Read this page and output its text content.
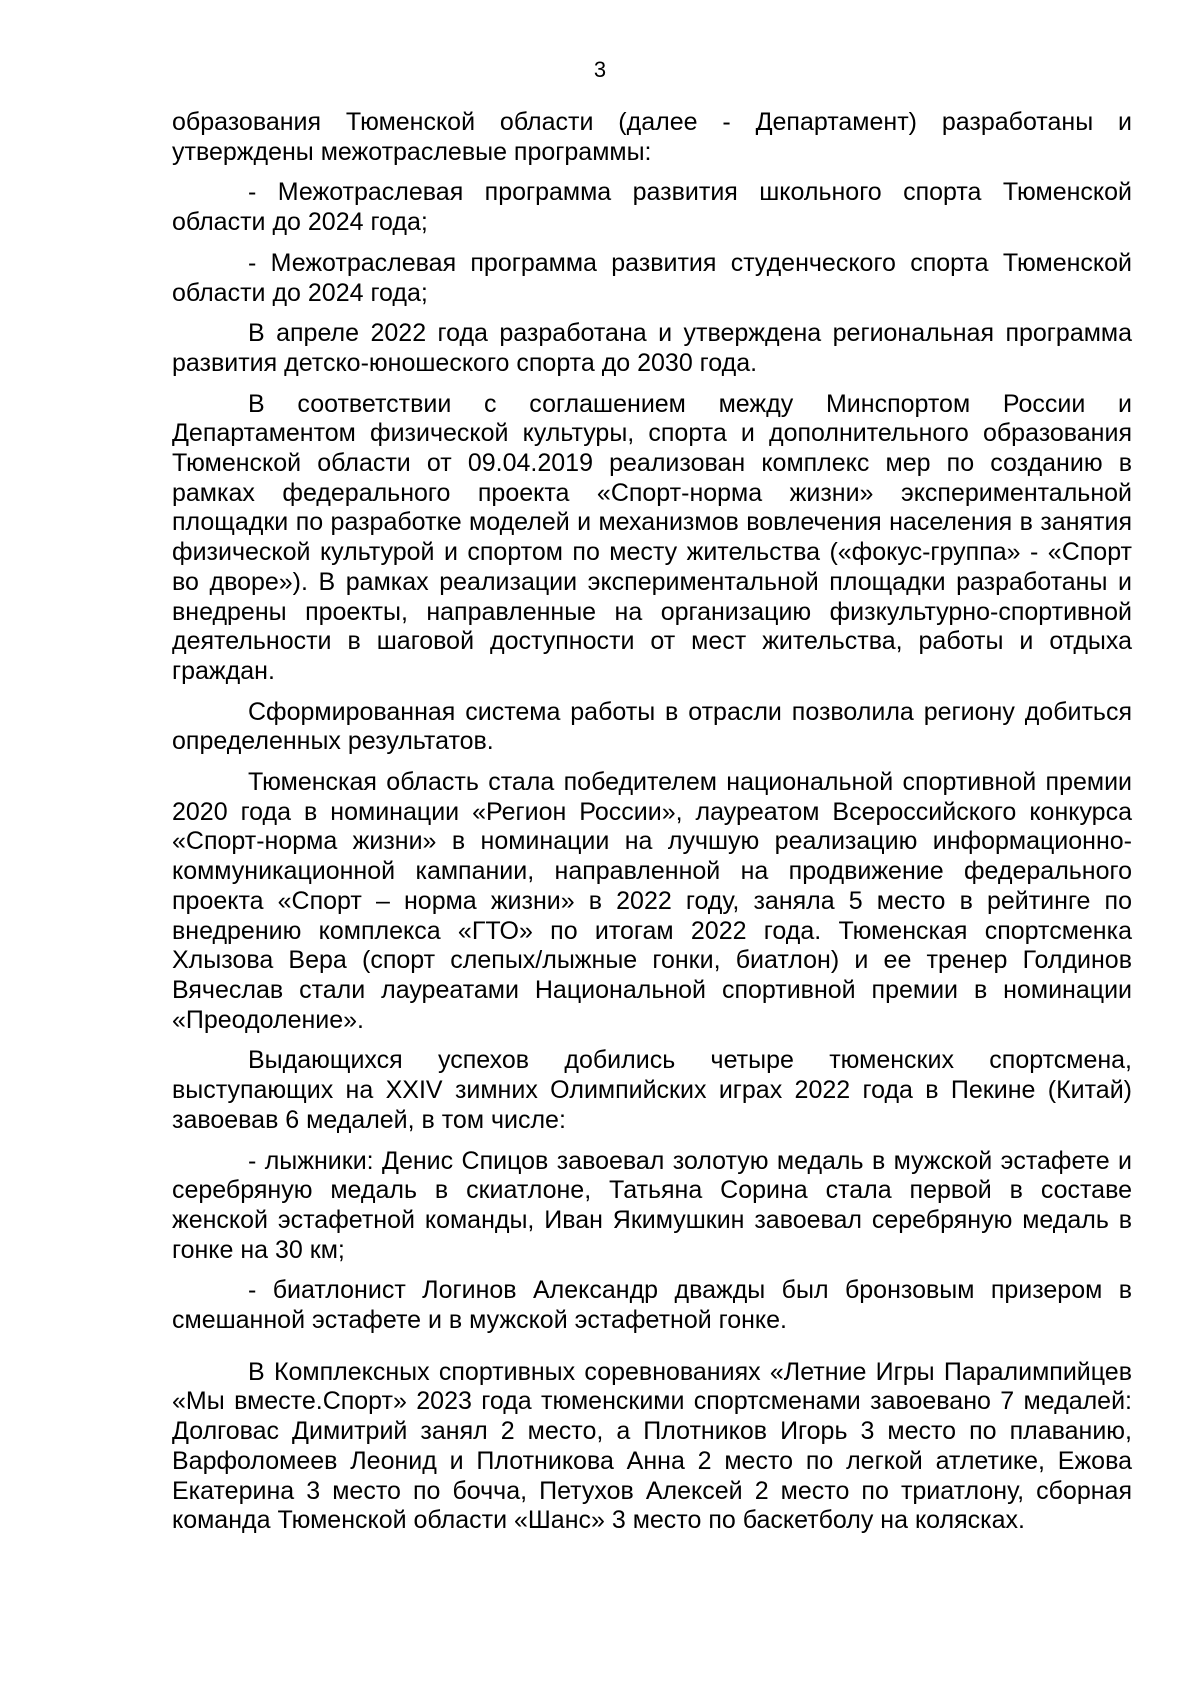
3

образования Тюменской области (далее - Департамент) разработаны и утверждены межотраслевые программы:

- Межотраслевая программа развития школьного спорта Тюменской области до 2024 года;

- Межотраслевая программа развития студенческого спорта Тюменской области до 2024 года;

В апреле 2022 года разработана и утверждена региональная программа развития детско-юношеского спорта до 2030 года.

В соответствии с соглашением между Минспортом России и Департаментом физической культуры, спорта и дополнительного образования Тюменской области от 09.04.2019 реализован комплекс мер по созданию в рамках федерального проекта «Спорт-норма жизни» экспериментальной площадки по разработке моделей и механизмов вовлечения населения в занятия физической культурой и спортом по месту жительства («фокус-группа» - «Спорт во дворе»). В рамках реализации экспериментальной площадки разработаны и внедрены проекты, направленные на организацию физкультурно-спортивной деятельности в шаговой доступности от мест жительства, работы и отдыха граждан.

Сформированная система работы в отрасли позволила региону добиться определенных результатов.

Тюменская область стала победителем национальной спортивной премии 2020 года в номинации «Регион России», лауреатом Всероссийского конкурса «Спорт-норма жизни» в номинации на лучшую реализацию информационно-коммуникационной кампании, направленной на продвижение федерального проекта «Спорт – норма жизни» в 2022 году, заняла 5 место в рейтинге по внедрению комплекса «ГТО» по итогам 2022 года. Тюменская спортсменка Хлызова Вера (спорт слепых/лыжные гонки, биатлон) и ее тренер Голдинов Вячеслав стали лауреатами Национальной спортивной премии в номинации «Преодоление».

Выдающихся успехов добились четыре тюменских спортсмена, выступающих на XXIV зимних Олимпийских играх 2022 года в Пекине (Китай) завоевав 6 медалей, в том числе:

- лыжники: Денис Спицов завоевал золотую медаль в мужской эстафете и серебряную медаль в скиатлоне, Татьяна Сорина стала первой в составе женской эстафетной команды, Иван Якимушкин завоевал серебряную медаль в гонке на 30 км;

- биатлонист Логинов Александр дважды был бронзовым призером в смешанной эстафете и в мужской эстафетной гонке.

В Комплексных спортивных соревнованиях «Летние Игры Паралимпийцев «Мы вместе.Спорт» 2023 года тюменскими спортсменами завоевано 7 медалей: Долговас Димитрий занял 2 место, а Плотников Игорь 3 место по плаванию, Варфоломеев Леонид и Плотникова Анна 2 место по легкой атлетике, Ежова Екатерина 3 место по бочча, Петухов Алексей 2 место по триатлону, сборная команда Тюменской области «Шанс» 3 место по баскетболу на колясках.
